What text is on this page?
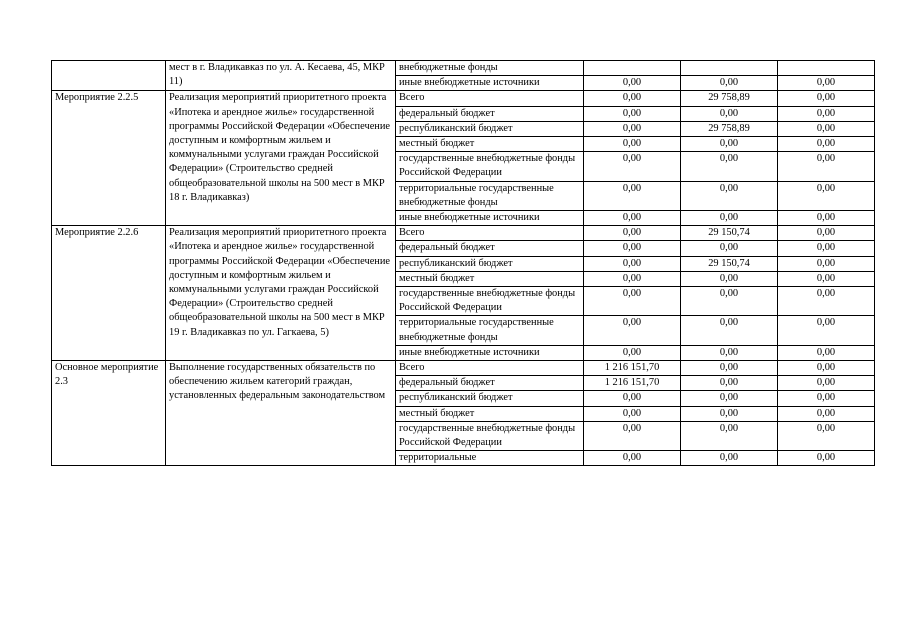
	мест в г. Владикавказ по ул. А. Кесаева, 45, МКР 11)	внебюджетные фонды			
		иные внебюджетные источники	0,00	0,00	0,00
Мероприятие 2.2.5	Реализация мероприятий приоритетного проекта «Ипотека и арендное жилье» государственной программы Российской Федерации «Обеспечение доступным и комфортным жильем и коммунальными услугами граждан Российской Федерации» (Строительство средней общеобразовательной школы на 500 мест в МКР 18 г. Владикавказ)	Всего	0,00	29 758,89	0,00
		федеральный бюджет	0,00	0,00	0,00
		республиканский бюджет	0,00	29 758,89	0,00
		местный бюджет	0,00	0,00	0,00
		государственные внебюджетные фонды Российской Федерации	0,00	0,00	0,00
		территориальные государственные внебюджетные фонды	0,00	0,00	0,00
		иные внебюджетные источники	0,00	0,00	0,00
Мероприятие 2.2.6	Реализация мероприятий приоритетного проекта «Ипотека и арендное жилье» государственной программы Российской Федерации «Обеспечение доступным и комфортным жильем и коммунальными услугами граждан Российской Федерации» (Строительство средней общеобразовательной школы на 500 мест в МКР 19 г. Владикавказ по ул. Гагкаева, 5)	Всего	0,00	29 150,74	0,00
		федеральный бюджет	0,00	0,00	0,00
		республиканский бюджет	0,00	29 150,74	0,00
		местный бюджет	0,00	0,00	0,00
		государственные внебюджетные фонды Российской Федерации	0,00	0,00	0,00
		территориальные государственные внебюджетные фонды	0,00	0,00	0,00
		иные внебюджетные источники	0,00	0,00	0,00
Основное мероприятие 2.3	Выполнение государственных обязательств по обеспечению жильем категорий граждан, установленных федеральным законодательством	Всего	1 216 151,70	0,00	0,00
		федеральный бюджет	1 216 151,70	0,00	0,00
		республиканский бюджет	0,00	0,00	0,00
		местный бюджет	0,00	0,00	0,00
		государственные внебюджетные фонды Российской Федерации	0,00	0,00	0,00
		территориальные	0,00	0,00	0,00
